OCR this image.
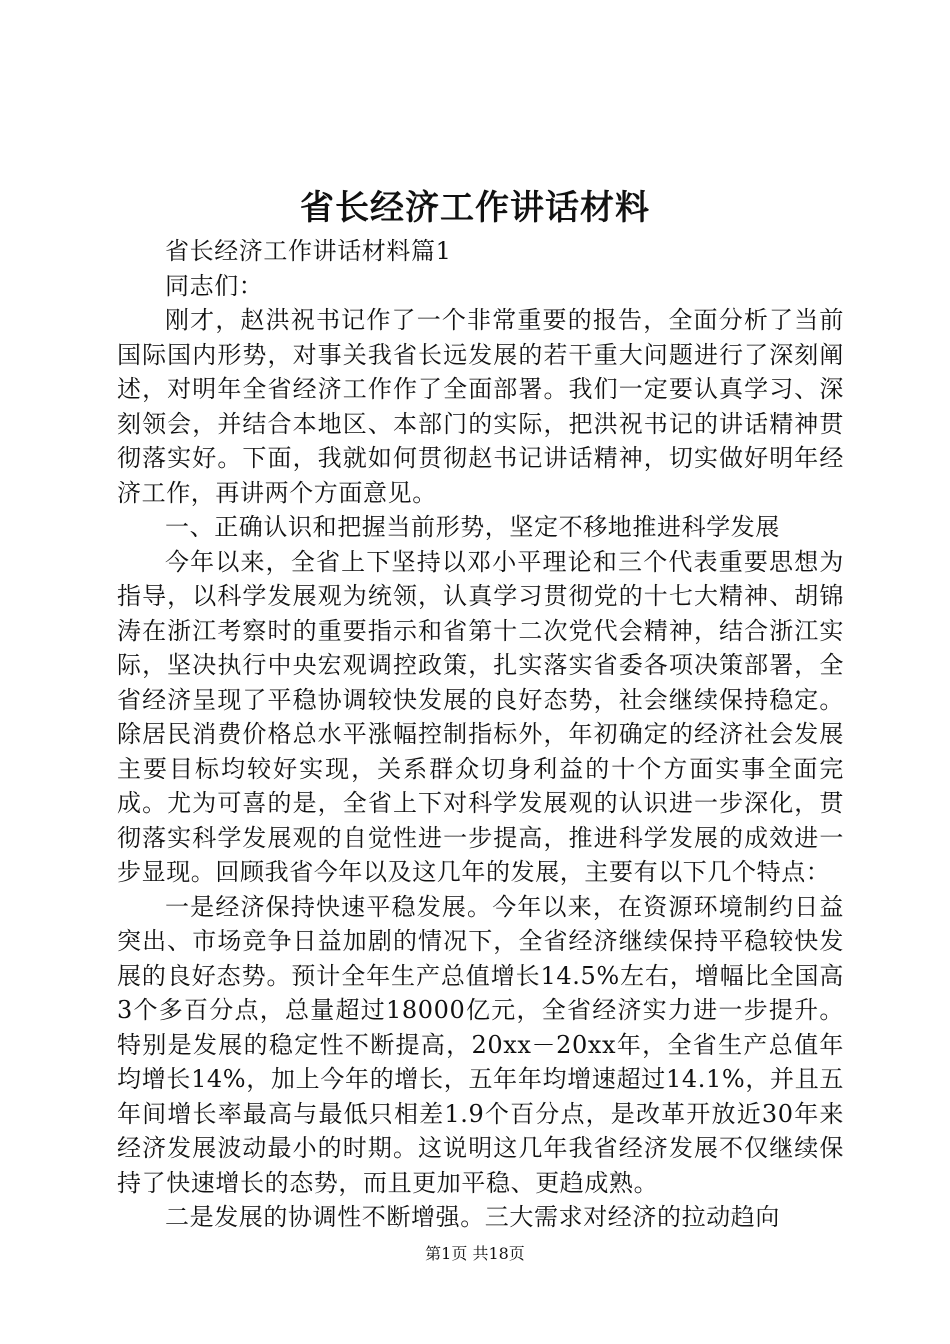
省长经济工作讲话材料

省长经济工作讲话材料篇1

同志们：

刚才，赵洪祝书记作了一个非常重要的报告，全面分析了当前国际国内形势，对事关我省长远发展的若干重大问题进行了深刻阐述，对明年全省经济工作作了全面部署。我们一定要认真学习、深刻领会，并结合本地区、本部门的实际，把洪祝书记的讲话精神贯彻落实好。下面，我就如何贯彻赵书记讲话精神，切实做好明年经济工作，再讲两个方面意见。

一、正确认识和把握当前形势，坚定不移地推进科学发展

今年以来，全省上下坚持以邓小平理论和三个代表重要思想为指导，以科学发展观为统领，认真学习贯彻党的十七大精神、胡锦涛在浙江考察时的重要指示和省第十二次党代会精神，结合浙江实际，坚决执行中央宏观调控政策，扎实落实省委各项决策部署，全省经济呈现了平稳协调较快发展的良好态势，社会继续保持稳定。除居民消费价格总水平涨幅控制指标外，年初确定的经济社会发展主要目标均较好实现，关系群众切身利益的十个方面实事全面完成。尤为可喜的是，全省上下对科学发展观的认识进一步深化，贯彻落实科学发展观的自觉性进一步提高，推进科学发展的成效进一步显现。回顾我省今年以及这几年的发展，主要有以下几个特点：

一是经济保持快速平稳发展。今年以来，在资源环境制约日益突出、市场竞争日益加剧的情况下，全省经济继续保持平稳较快发展的良好态势。预计全年生产总值增长14.5%左右，增幅比全国高3个多百分点，总量超过18000亿元，全省经济实力进一步提升。特别是发展的稳定性不断提高，20xx－20xx年，全省生产总值年均增长14%，加上今年的增长，五年年均增速超过14.1%，并且五年间增长率最高与最低只相差1.9个百分点，是改革开放近30年来经济发展波动最小的时期。这说明这几年我省经济发展不仅继续保持了快速增长的态势，而且更加平稳、更趋成熟。

二是发展的协调性不断增强。三大需求对经济的拉动趋向

第1页 共18页
